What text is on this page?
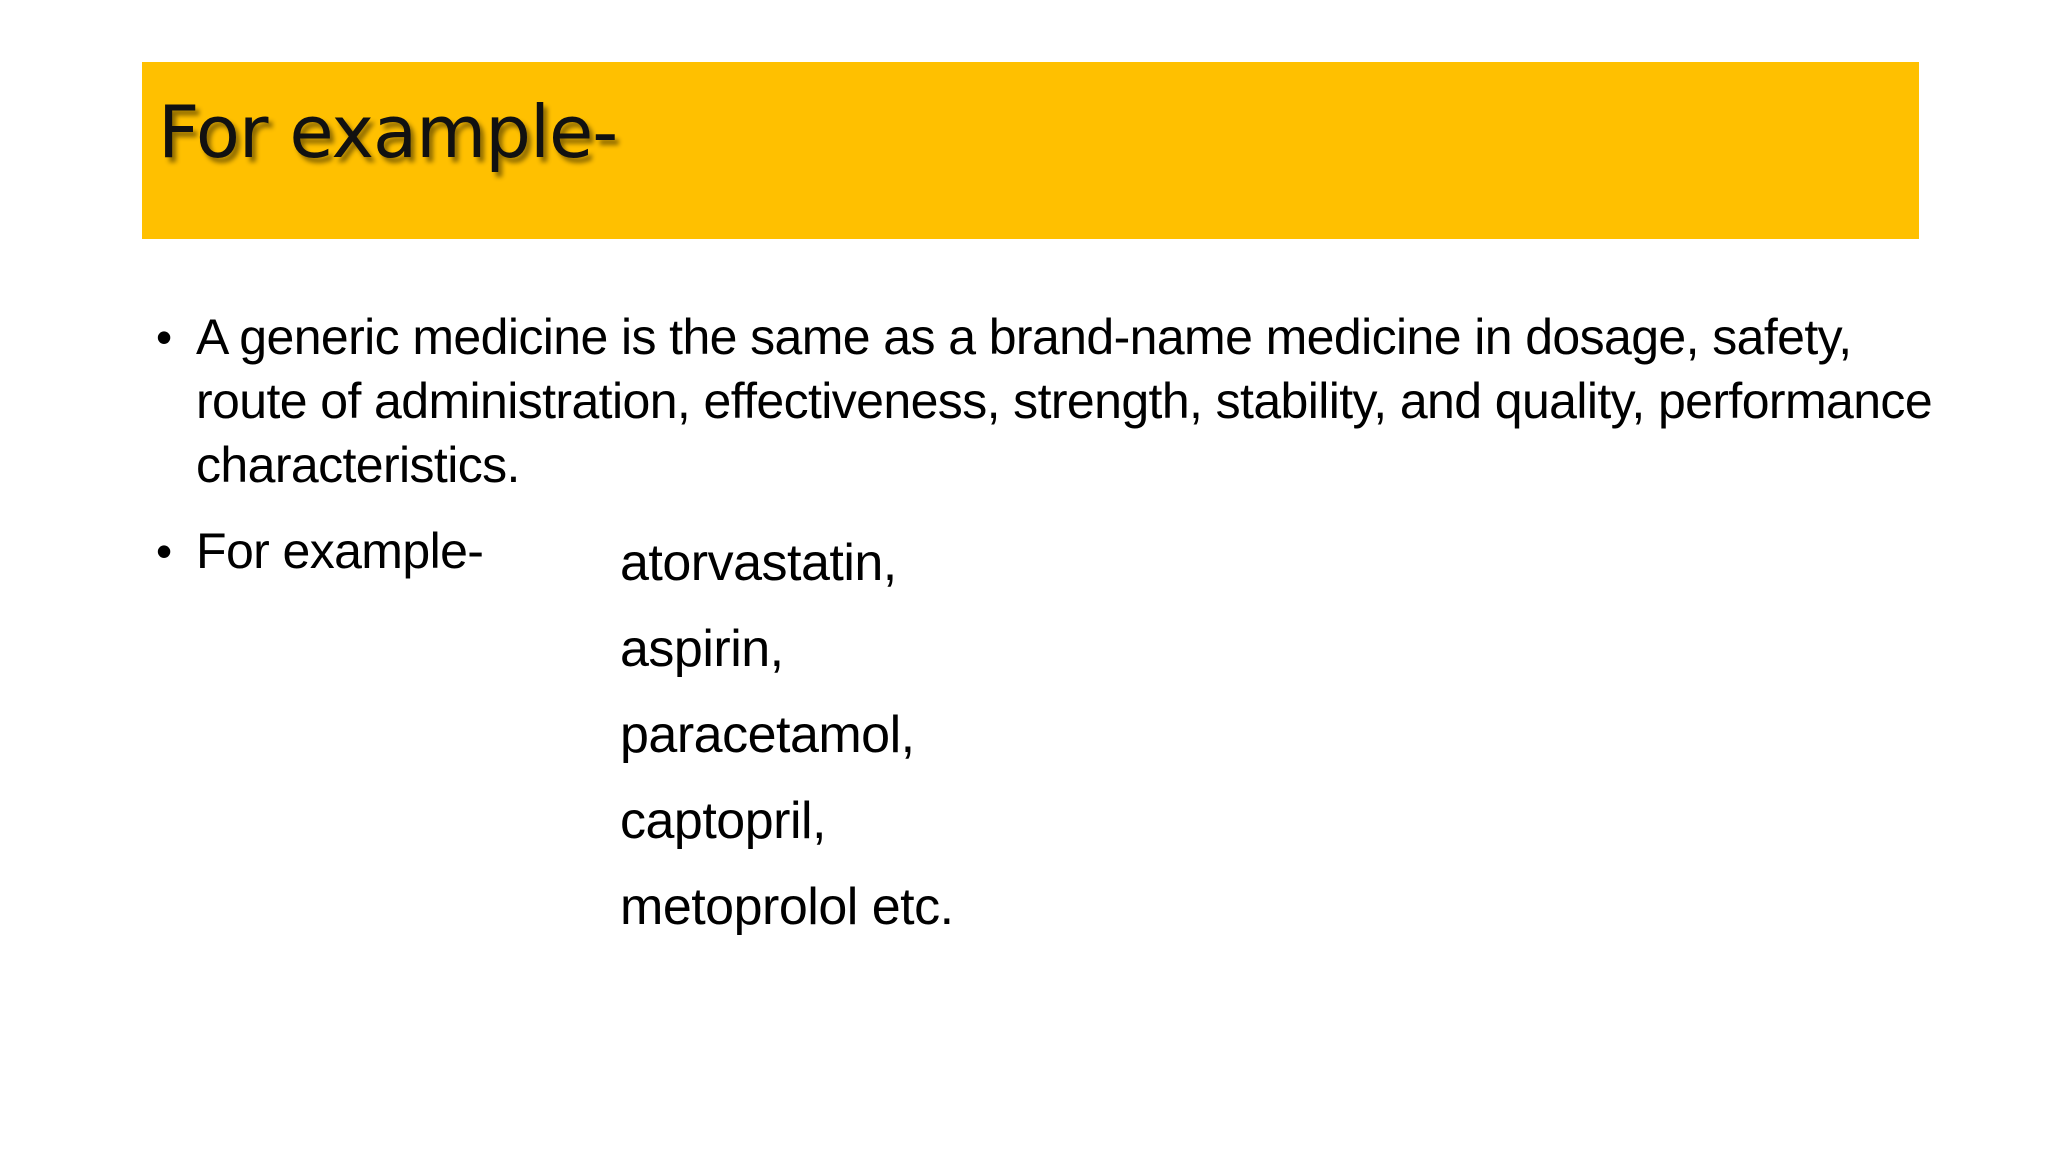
For example-
• A generic medicine is the same as a brand-name medicine in dosage, safety, route of administration, effectiveness, strength, stability, and quality, performance characteristics.
• For example-	atorvastatin,
aspirin,
paracetamol,
captopril,
metoprolol etc.
